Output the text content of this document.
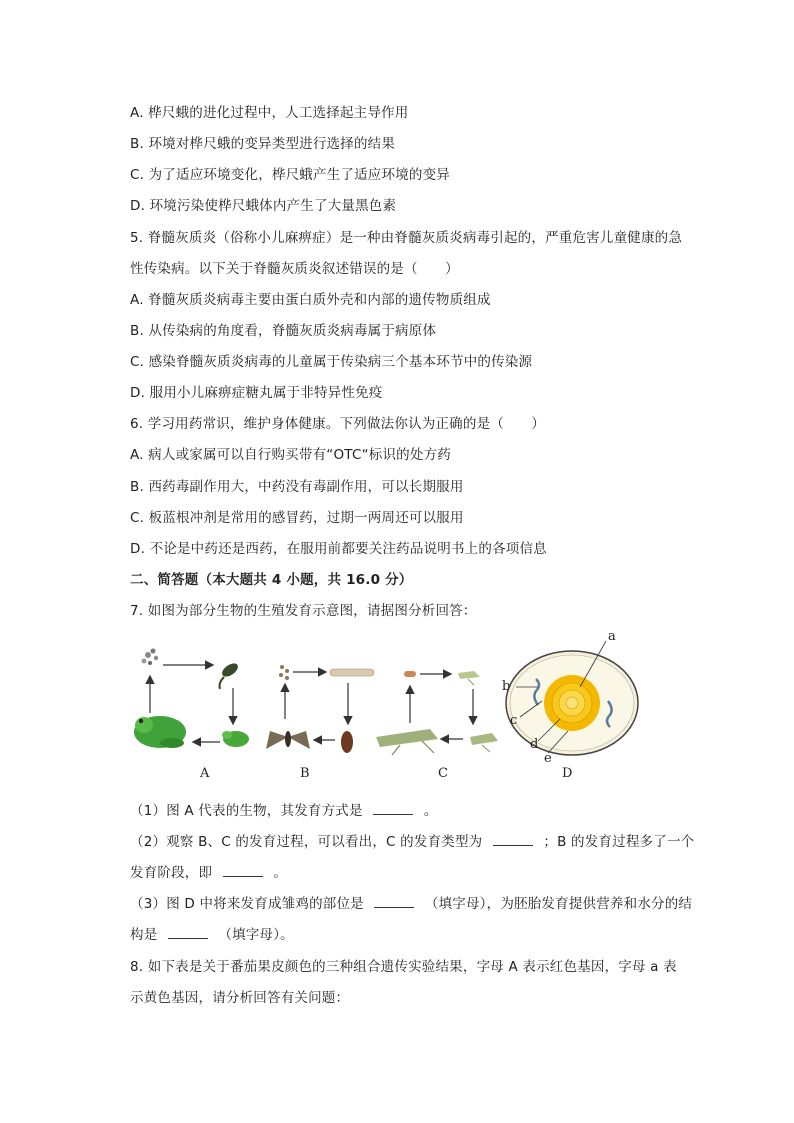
A. 桦尺蛾的进化过程中，人工选择起主导作用
B. 环境对桦尺蛾的变异类型进行选择的结果
C. 为了适应环境变化，桦尺蛾产生了适应环境的变异
D. 环境污染使桦尺蛾体内产生了大量黑色素
5. 脊髓灰质炎（俗称小儿麻痹症）是一种由脊髓灰质炎病毒引起的，严重危害儿童健康的急
性传染病。以下关于脊髓灰质炎叙述错误的是（　　）
A. 脊髓灰质炎病毒主要由蛋白质外壳和内部的遗传物质组成
B. 从传染病的角度看，脊髓灰质炎病毒属于病原体
C. 感染脊髓灰质炎病毒的儿童属于传染病三个基本环节中的传染源
D. 服用小儿麻痹症糖丸属于非特异性免疫
6. 学习用药常识，维护身体健康。下列做法你认为正确的是（　　）
A. 病人或家属可以自行购买带有“OTC“标识的处方药
B. 西药毒副作用大，中药没有毒副作用，可以长期服用
C. 板蓝根冲剂是常用的感冒药，过期一两周还可以服用
D. 不论是中药还是西药，在服用前都要关注药品说明书上的各项信息
二、简答题（本大题共 4 小题，共 16.0 分）
7. 如图为部分生物的生殖发育示意图，请据图分析回答：
a
b
c
d
e
A	B	C	D
（1）图 A 代表的生物，其发育方式是	。
（2）观察 B、C 的发育过程，可以看出，C 的发育类型为	；B 的发育过程多了一个
发育阶段，即	。
（3）图 D 中将来发育成雏鸡的部位是	（填字母），为胚胎发育提供营养和水分的结
构是	（填字母）。
8. 如下表是关于番茄果皮颜色的三种组合遗传实验结果，字母 A 表示红色基因，字母 a 表
示黄色基因，请分析回答有关问题：
